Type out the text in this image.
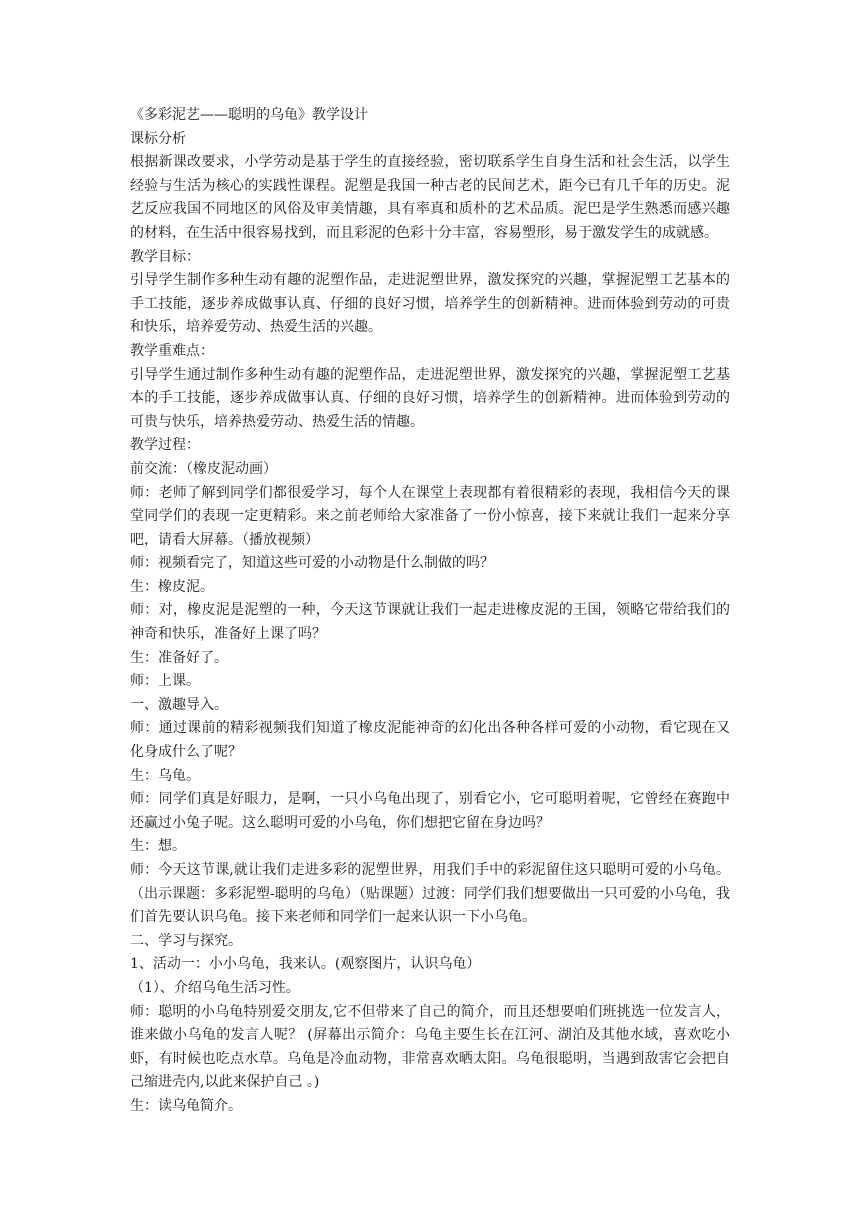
《多彩泥艺——聪明的乌龟》教学设计

课标分析

根据新课改要求，小学劳动是基于学生的直接经验，密切联系学生自身生活和社会生活，以学生经验与生活为核心的实践性课程。泥塑是我国一种古老的民间艺术，距今已有几千年的历史。泥艺反应我国不同地区的风俗及审美情趣，具有率真和质朴的艺术品质。泥巴是学生熟悉而感兴趣的材料，在生活中很容易找到，而且彩泥的色彩十分丰富，容易塑形，易于激发学生的成就感。

教学目标：

引导学生制作多种生动有趣的泥塑作品，走进泥塑世界，激发探究的兴趣，掌握泥塑工艺基本的手工技能，逐步养成做事认真、仔细的良好习惯，培养学生的创新精神。进而体验到劳动的可贵和快乐，培养爱劳动、热爱生活的兴趣。

教学重难点：

引导学生通过制作多种生动有趣的泥塑作品，走进泥塑世界，激发探究的兴趣，掌握泥塑工艺基本的手工技能，逐步养成做事认真、仔细的良好习惯，培养学生的创新精神。进而体验到劳动的可贵与快乐，培养热爱劳动、热爱生活的情趣。

教学过程：

前交流：（橡皮泥动画）

师：老师了解到同学们都很爱学习，每个人在课堂上表现都有着很精彩的表现，我相信今天的课堂同学们的表现一定更精彩。来之前老师给大家准备了一份小惊喜，接下来就让我们一起来分享吧，请看大屏幕。（播放视频）

师：视频看完了，知道这些可爱的小动物是什么制做的吗？

生：橡皮泥。

师：对，橡皮泥是泥塑的一种，今天这节课就让我们一起走进橡皮泥的王国，领略它带给我们的神奇和快乐，准备好上课了吗？

生：准备好了。

师：上课。

一、激趣导入。

师：通过课前的精彩视频我们知道了橡皮泥能神奇的幻化出各种各样可爱的小动物，看它现在又化身成什么了呢？

生：乌龟。

师：同学们真是好眼力，是啊，一只小乌龟出现了，别看它小，它可聪明着呢，它曾经在赛跑中还赢过小兔子呢。这么聪明可爱的小乌龟，你们想把它留在身边吗？

生：想。

师：今天这节课,就让我们走进多彩的泥塑世界，用我们手中的彩泥留住这只聪明可爱的小乌龟。（出示课题：多彩泥塑-聪明的乌龟）（贴课题）过渡：同学们我们想要做出一只可爱的小乌龟，我们首先要认识乌龟。接下来老师和同学们一起来认识一下小乌龟。

二、学习与探究。

1、活动一：小小乌龟，我来认。(观察图片，认识乌龟）

（1）、介绍乌龟生活习性。

师：聪明的小乌龟特别爱交朋友,它不但带来了自己的简介，而且还想要咱们班挑选一位发言人，谁来做小乌龟的发言人呢？ (屏幕出示简介：乌龟主要生长在江河、湖泊及其他水域，喜欢吃小虾，有时候也吃点水草。乌龟是冷血动物，非常喜欢晒太阳。乌龟很聪明，当遇到敌害它会把自己缩进壳内,以此来保护自己 。)

生：读乌龟简介。
